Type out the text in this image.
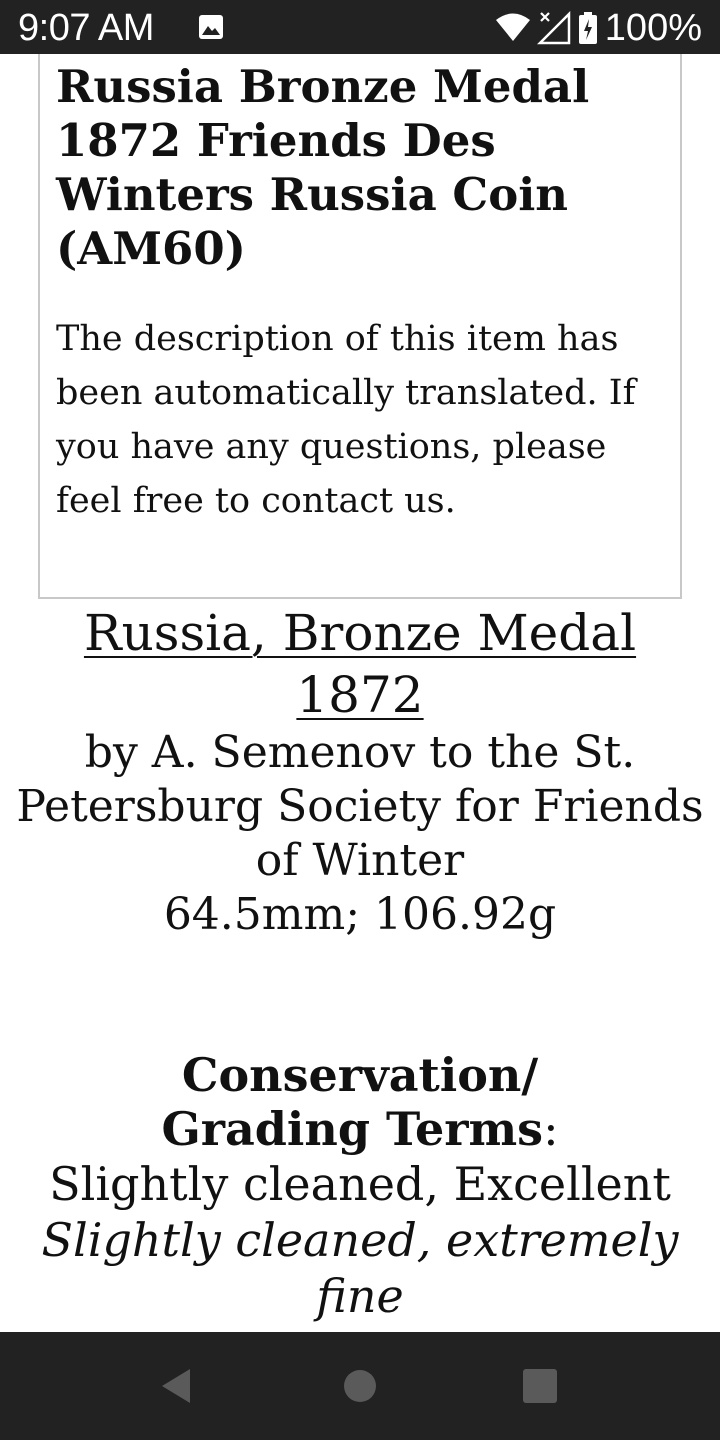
9:07 AM	100%
Russia Bronze Medal 1872 Friends Des Winters Russia Coin (AM60)

The description of this item has been automatically translated. If you have any questions, please feel free to contact us.

Russia, Bronze Medal 1872
by A. Semenov to the St. Petersburg Society for Friends of Winter
64.5mm; 106.92g
Conservation/ Grading Terms:
Slightly cleaned, Excellent
Slightly cleaned, extremely fine
